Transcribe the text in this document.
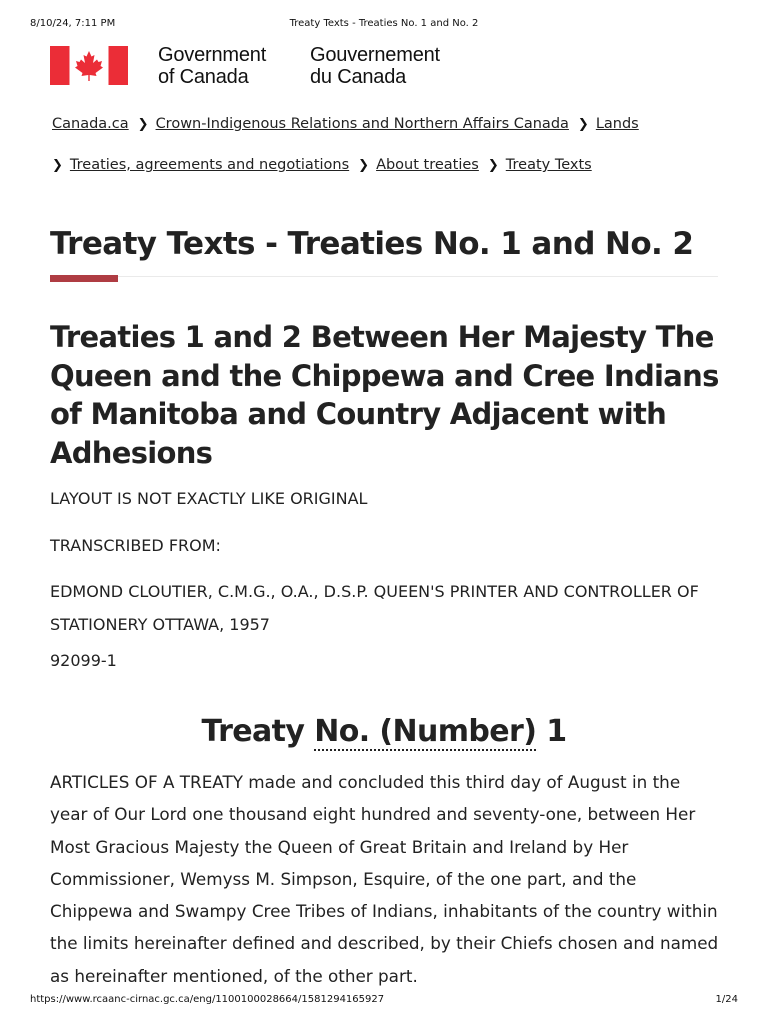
8/10/24, 7:11 PM	Treaty Texts - Treaties No. 1 and No. 2
Government
of Canada
Gouvernement
du Canada
Canada.ca ❯ Crown-Indigenous Relations and Northern Affairs Canada ❯ Lands
❯ Treaties, agreements and negotiations ❯ About treaties ❯ Treaty Texts
Treaty Texts - Treaties No. 1 and No. 2
Treaties 1 and 2 Between Her Majesty The Queen and the Chippewa and Cree Indians of Manitoba and Country Adjacent with Adhesions

LAYOUT IS NOT EXACTLY LIKE ORIGINAL

TRANSCRIBED FROM:

EDMOND CLOUTIER, C.M.G., O.A., D.S.P. QUEEN'S PRINTER AND CONTROLLER OF STATIONERY OTTAWA, 1957

92099-1

Treaty No. (Number) 1

ARTICLES OF A TREATY made and concluded this third day of August in the year of Our Lord one thousand eight hundred and seventy-one, between Her Most Gracious Majesty the Queen of Great Britain and Ireland by Her Commissioner, Wemyss M. Simpson, Esquire, of the one part, and the Chippewa and Swampy Cree Tribes of Indians, inhabitants of the country within the limits hereinafter defined and described, by their Chiefs chosen and named as hereinafter mentioned, of the other part.

https://www.rcaanc-cirnac.gc.ca/eng/1100100028664/1581294165927	1/24
